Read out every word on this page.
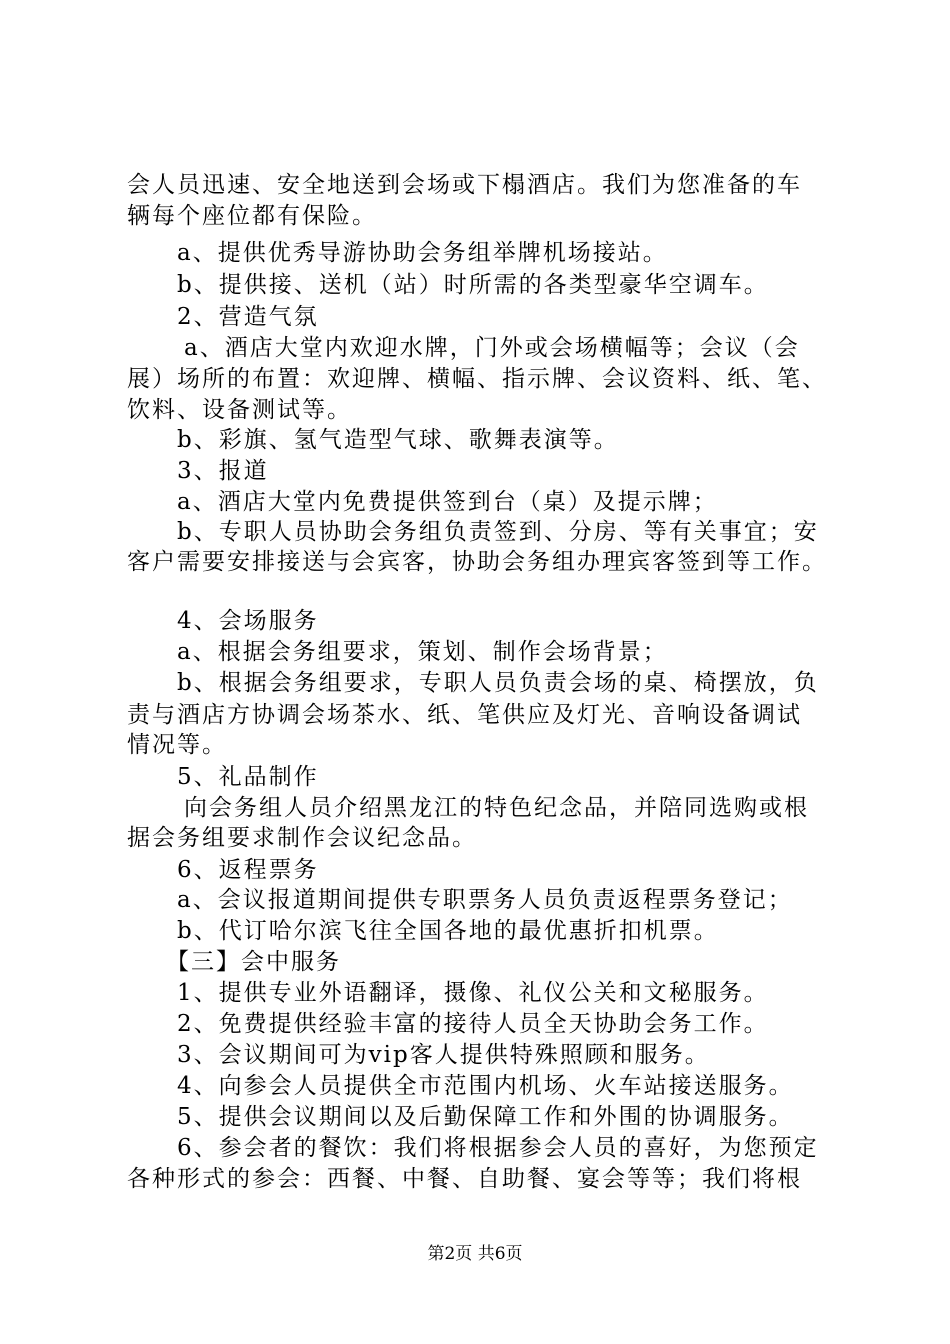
会人员迅速、安全地送到会场或下榻酒店。我们为您准备的车
辆每个座位都有保险。
a、提供优秀导游协助会务组举牌机场接站。
b、提供接、送机（站）时所需的各类型豪华空调车。
2、营造气氛
a、酒店大堂内欢迎水牌，门外或会场横幅等；会议（会
展）场所的布置：欢迎牌、横幅、指示牌、会议资料、纸、笔、
饮料、设备测试等。
b、彩旗、氢气造型气球、歌舞表演等。
3、报道
a、酒店大堂内免费提供签到台（桌）及提示牌；
b、专职人员协助会务组负责签到、分房、等有关事宜；安
客户需要安排接送与会宾客，协助会务组办理宾客签到等工作。
4、会场服务
a、根据会务组要求，策划、制作会场背景；
b、根据会务组要求，专职人员负责会场的桌、椅摆放，负
责与酒店方协调会场茶水、纸、笔供应及灯光、音响设备调试
情况等。
5、礼品制作
向会务组人员介绍黑龙江的特色纪念品，并陪同选购或根
据会务组要求制作会议纪念品。
6、返程票务
a、会议报道期间提供专职票务人员负责返程票务登记；
b、代订哈尔滨飞往全国各地的最优惠折扣机票。
【三】会中服务
1、提供专业外语翻译，摄像、礼仪公关和文秘服务。
2、免费提供经验丰富的接待人员全天协助会务工作。
3、会议期间可为vip客人提供特殊照顾和服务。
4、向参会人员提供全市范围内机场、火车站接送服务。
5、提供会议期间以及后勤保障工作和外围的协调服务。
6、参会者的餐饮：我们将根据参会人员的喜好，为您预定
各种形式的参会：西餐、中餐、自助餐、宴会等等；我们将根
第2页 共6页
